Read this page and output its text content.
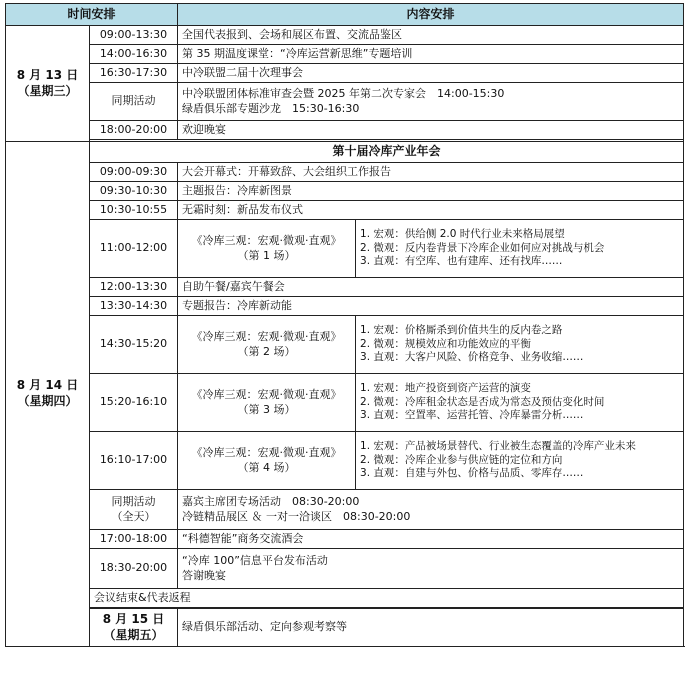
时间安排		内容安排	

8 月 13 日
（星期三）	09:00-13:30	全国代表报到、会场和展区布置、交流品鉴区	
	14:00-16:30	第 35 期温度课堂：“冷库运营新思维”专题培训	
	16:30-17:30	中冷联盟二届十次理事会	
	同期活动	中冷联盟团体标准审查会暨 2025 年第二次专家会　14:00-15:30
绿盾俱乐部专题沙龙　15:30-16:30	

	18:00-20:00	欢迎晚宴	

8 月 14 日
（星期四）	第十届冷库产业年会		
	09:00-09:30	大会开幕式：开幕致辞、大会组织工作报告	
	09:30-10:30	主题报告：冷库新图景	
	10:30-10:55	无霜时刻：新品发布仪式	
	11:00-12:00	《冷库三观：宏观·微观·直观》
（第 1 场）	1. 宏观：供给侧 2.0 时代行业未来格局展望
2. 微观：反内卷背景下冷库企业如何应对挑战与机会
3. 直观：有空库、也有建库、还有找库……

	12:00-13:30	自助午餐/嘉宾午餐会	
	13:30-14:30	专题报告：冷库新动能	
	14:30-15:20	《冷库三观：宏观·微观·直观》
（第 2 场）	1. 宏观：价格厮杀到价值共生的反内卷之路
2. 微观：规模效应和功能效应的平衡
3. 直观：大客户风险、价格竞争、业务收缩……

	15:20-16:10	《冷库三观：宏观·微观·直观》
（第 3 场）	1. 宏观：地产投资到资产运营的演变
2. 微观：冷库租金状态是否成为常态及预估变化时间
3. 直观：空置率、运营托管、冷库暴雷分析……

	16:10-17:00	《冷库三观：宏观·微观·直观》
（第 4 场）	1. 宏观：产品被场景替代、行业被生态覆盖的冷库产业未来
2. 微观：冷库企业参与供应链的定位和方向
3. 直观：自建与外包、价格与品质、零库存……

	同期活动
（全天）	嘉宾主席团专场活动　08:30-20:00
冷链精品展区 ＆ 一对一洽谈区　08:30-20:00	

	17:00-18:00	“科德智能”商务交流酒会	
	18:30-20:00	“冷库 100”信息平台发布活动
答谢晚宴	

	会议结束&代表返程		

	8 月 15 日
（星期五）	绿盾俱乐部活动、定向参观考察等	
